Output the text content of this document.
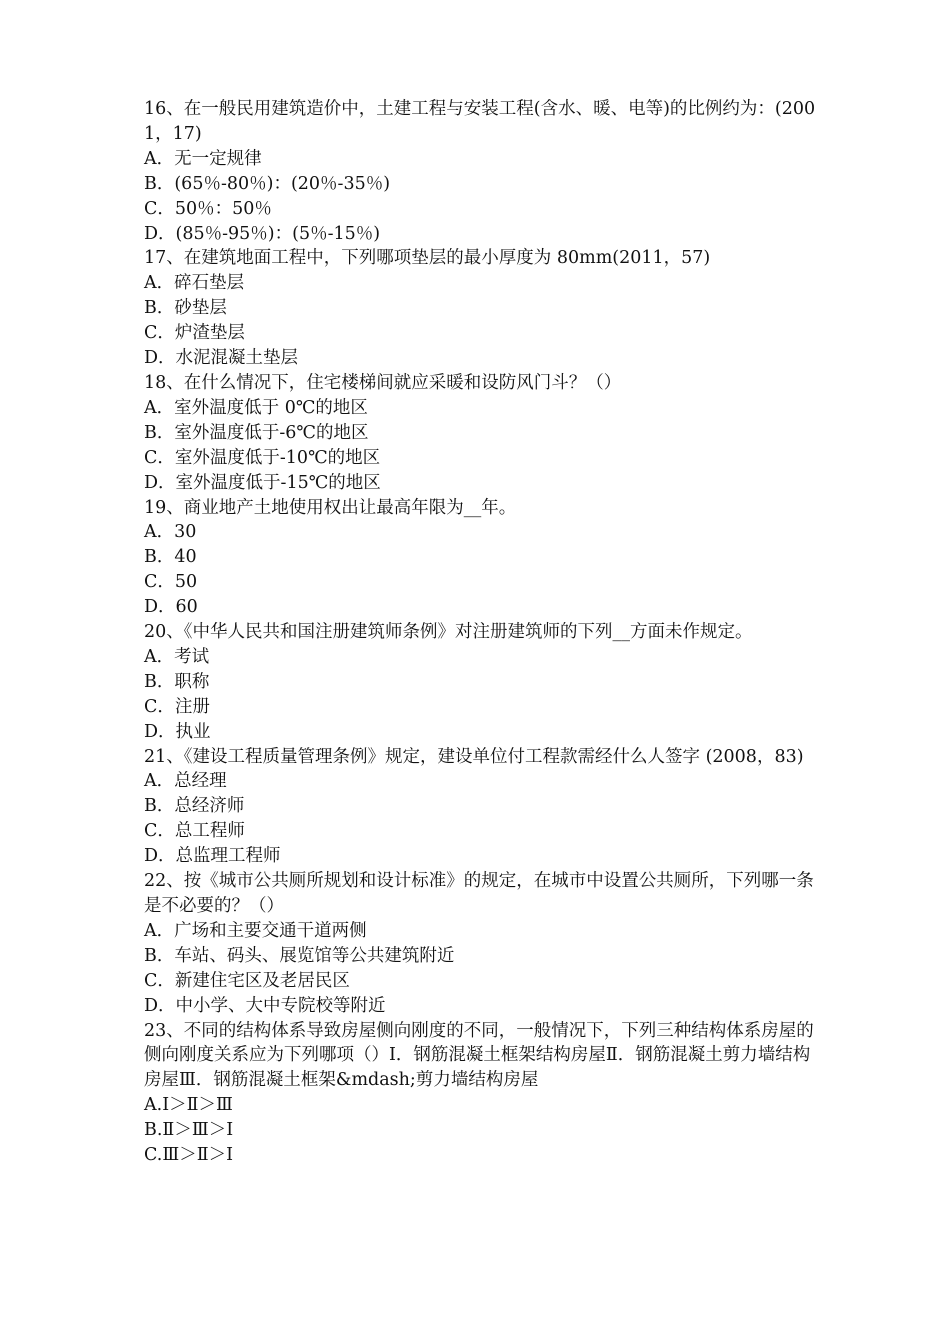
16、在一般民用建筑造价中，土建工程与安装工程(含水、暖、电等)的比例约为：(2001，17)
A．无一定规律
B．(65％-80％)：(20％-35％)
C．50％：50％
D．(85％-95％)：(5％-15％)
17、在建筑地面工程中，下列哪项垫层的最小厚度为 80mm(2011，57)
A．碎石垫层
B．砂垫层
C．炉渣垫层
D．水泥混凝土垫层
18、在什么情况下，住宅楼梯间就应采暖和设防风门斗？（）
A．室外温度低于 0℃的地区
B．室外温度低于-6℃的地区
C．室外温度低于-10℃的地区
D．室外温度低于-15℃的地区
19、商业地产土地使用权出让最高年限为__年。
A．30
B．40
C．50
D．60
20、《中华人民共和国注册建筑师条例》对注册建筑师的下列__方面未作规定。
A．考试
B．职称
C．注册
D．执业
21、《建设工程质量管理条例》规定，建设单位付工程款需经什么人签字 (2008，83)
A．总经理
B．总经济师
C．总工程师
D．总监理工程师
22、按《城市公共厕所规划和设计标准》的规定，在城市中设置公共厕所，下列哪一条是不必要的？（）
A．广场和主要交通干道两侧
B．车站、码头、展览馆等公共建筑附近
C．新建住宅区及老居民区
D．中小学、大中专院校等附近
23、不同的结构体系导致房屋侧向刚度的不同，一般情况下，下列三种结构体系房屋的侧向刚度关系应为下列哪项（）Ⅰ．钢筋混凝土框架结构房屋Ⅱ．钢筋混凝土剪力墙结构房屋Ⅲ．钢筋混凝土框架&mdash;剪力墙结构房屋
A.Ⅰ＞Ⅱ＞Ⅲ
B.Ⅱ＞Ⅲ＞Ⅰ
C.Ⅲ＞Ⅱ＞Ⅰ
